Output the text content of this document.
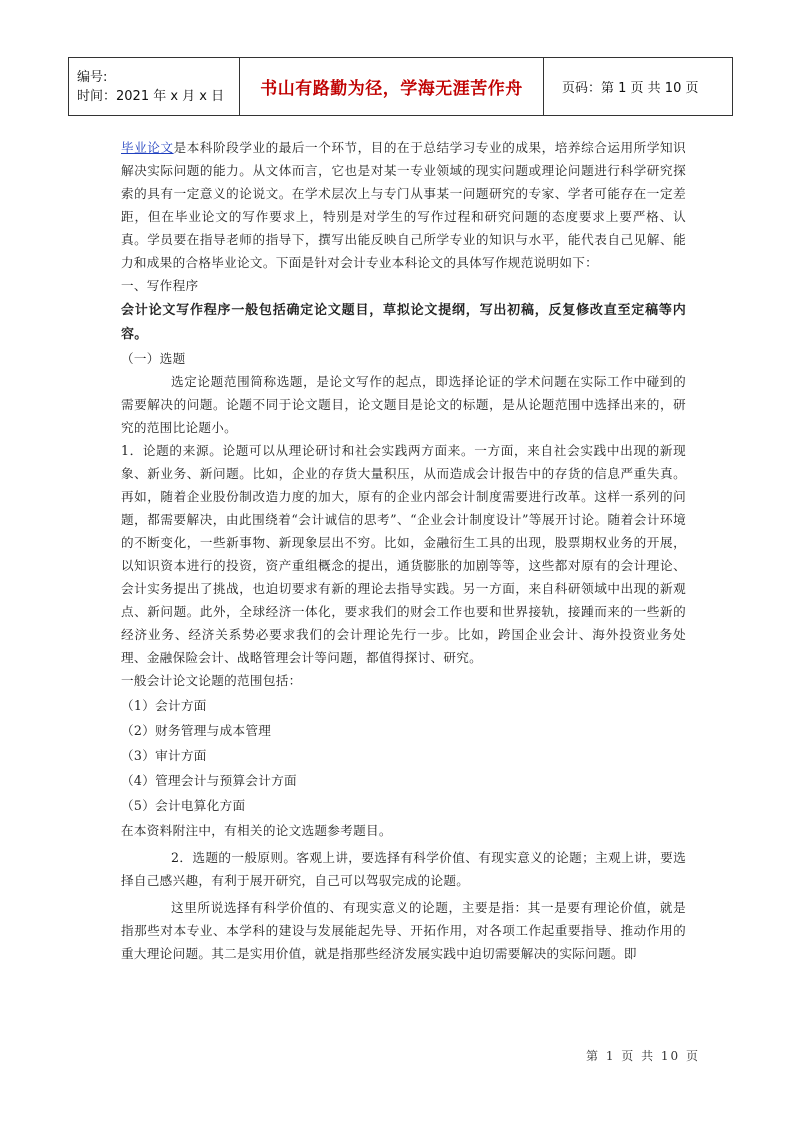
编号:
时间：2021 年 x 月 x 日	书山有路勤为径，学海无涯苦作舟	页码：第 1 页 共 10 页

毕业论文是本科阶段学业的最后一个环节，目的在于总结学习专业的成果，培养综合运用所学知识解决实际问题的能力。从文体而言，它也是对某一专业领域的现实问题或理论问题进行科学研究探索的具有一定意义的论说文。在学术层次上与专门从事某一问题研究的专家、学者可能存在一定差距，但在毕业论文的写作要求上，特别是对学生的写作过程和研究问题的态度要求上要严格、认真。学员要在指导老师的指导下，撰写出能反映自己所学专业的知识与水平，能代表自己见解、能力和成果的合格毕业论文。下面是针对会计专业本科论文的具体写作规范说明如下：

一、写作程序

会计论文写作程序一般包括确定论文题目，草拟论文提纲，写出初稿，反复修改直至定稿等内容。

（一）选题

选定论题范围简称选题，是论文写作的起点，即选择论证的学术问题在实际工作中碰到的需要解决的问题。论题不同于论文题目，论文题目是论文的标题，是从论题范围中选择出来的，研究的范围比论题小。

1．论题的来源。论题可以从理论研讨和社会实践两方面来。一方面，来自社会实践中出现的新现象、新业务、新问题。比如，企业的存货大量积压，从而造成会计报告中的存货的信息严重失真。再如，随着企业股份制改造力度的加大，原有的企业内部会计制度需要进行改革。这样一系列的问题，都需要解决，由此围绕着“会计诚信的思考”、“企业会计制度设计”等展开讨论。随着会计环境的不断变化，一些新事物、新现象层出不穷。比如，金融衍生工具的出现，股票期权业务的开展，以知识资本进行的投资，资产重组概念的提出，通货膨胀的加剧等等，这些都对原有的会计理论、会计实务提出了挑战，也迫切要求有新的理论去指导实践。另一方面，来自科研领域中出现的新观点、新问题。此外，全球经济一体化，要求我们的财会工作也要和世界接轨，接踵而来的一些新的经济业务、经济关系势必要求我们的会计理论先行一步。比如，跨国企业会计、海外投资业务处理、金融保险会计、战略管理会计等问题，都值得探讨、研究。

一般会计论文论题的范围包括：

（1）会计方面

（2）财务管理与成本管理

（3）审计方面

（4）管理会计与预算会计方面

（5）会计电算化方面

在本资料附注中，有相关的论文选题参考题目。

2．选题的一般原则。客观上讲，要选择有科学价值、有现实意义的论题；主观上讲，要选择自己感兴趣，有利于展开研究，自己可以驾驭完成的论题。

这里所说选择有科学价值的、有现实意义的论题，主要是指：其一是要有理论价值，就是指那些对本专业、本学科的建设与发展能起先导、开拓作用，对各项工作起重要指导、推动作用的重大理论问题。其二是实用价值，就是指那些经济发展实践中迫切需要解决的实际问题。即

第 1 页 共 10 页
